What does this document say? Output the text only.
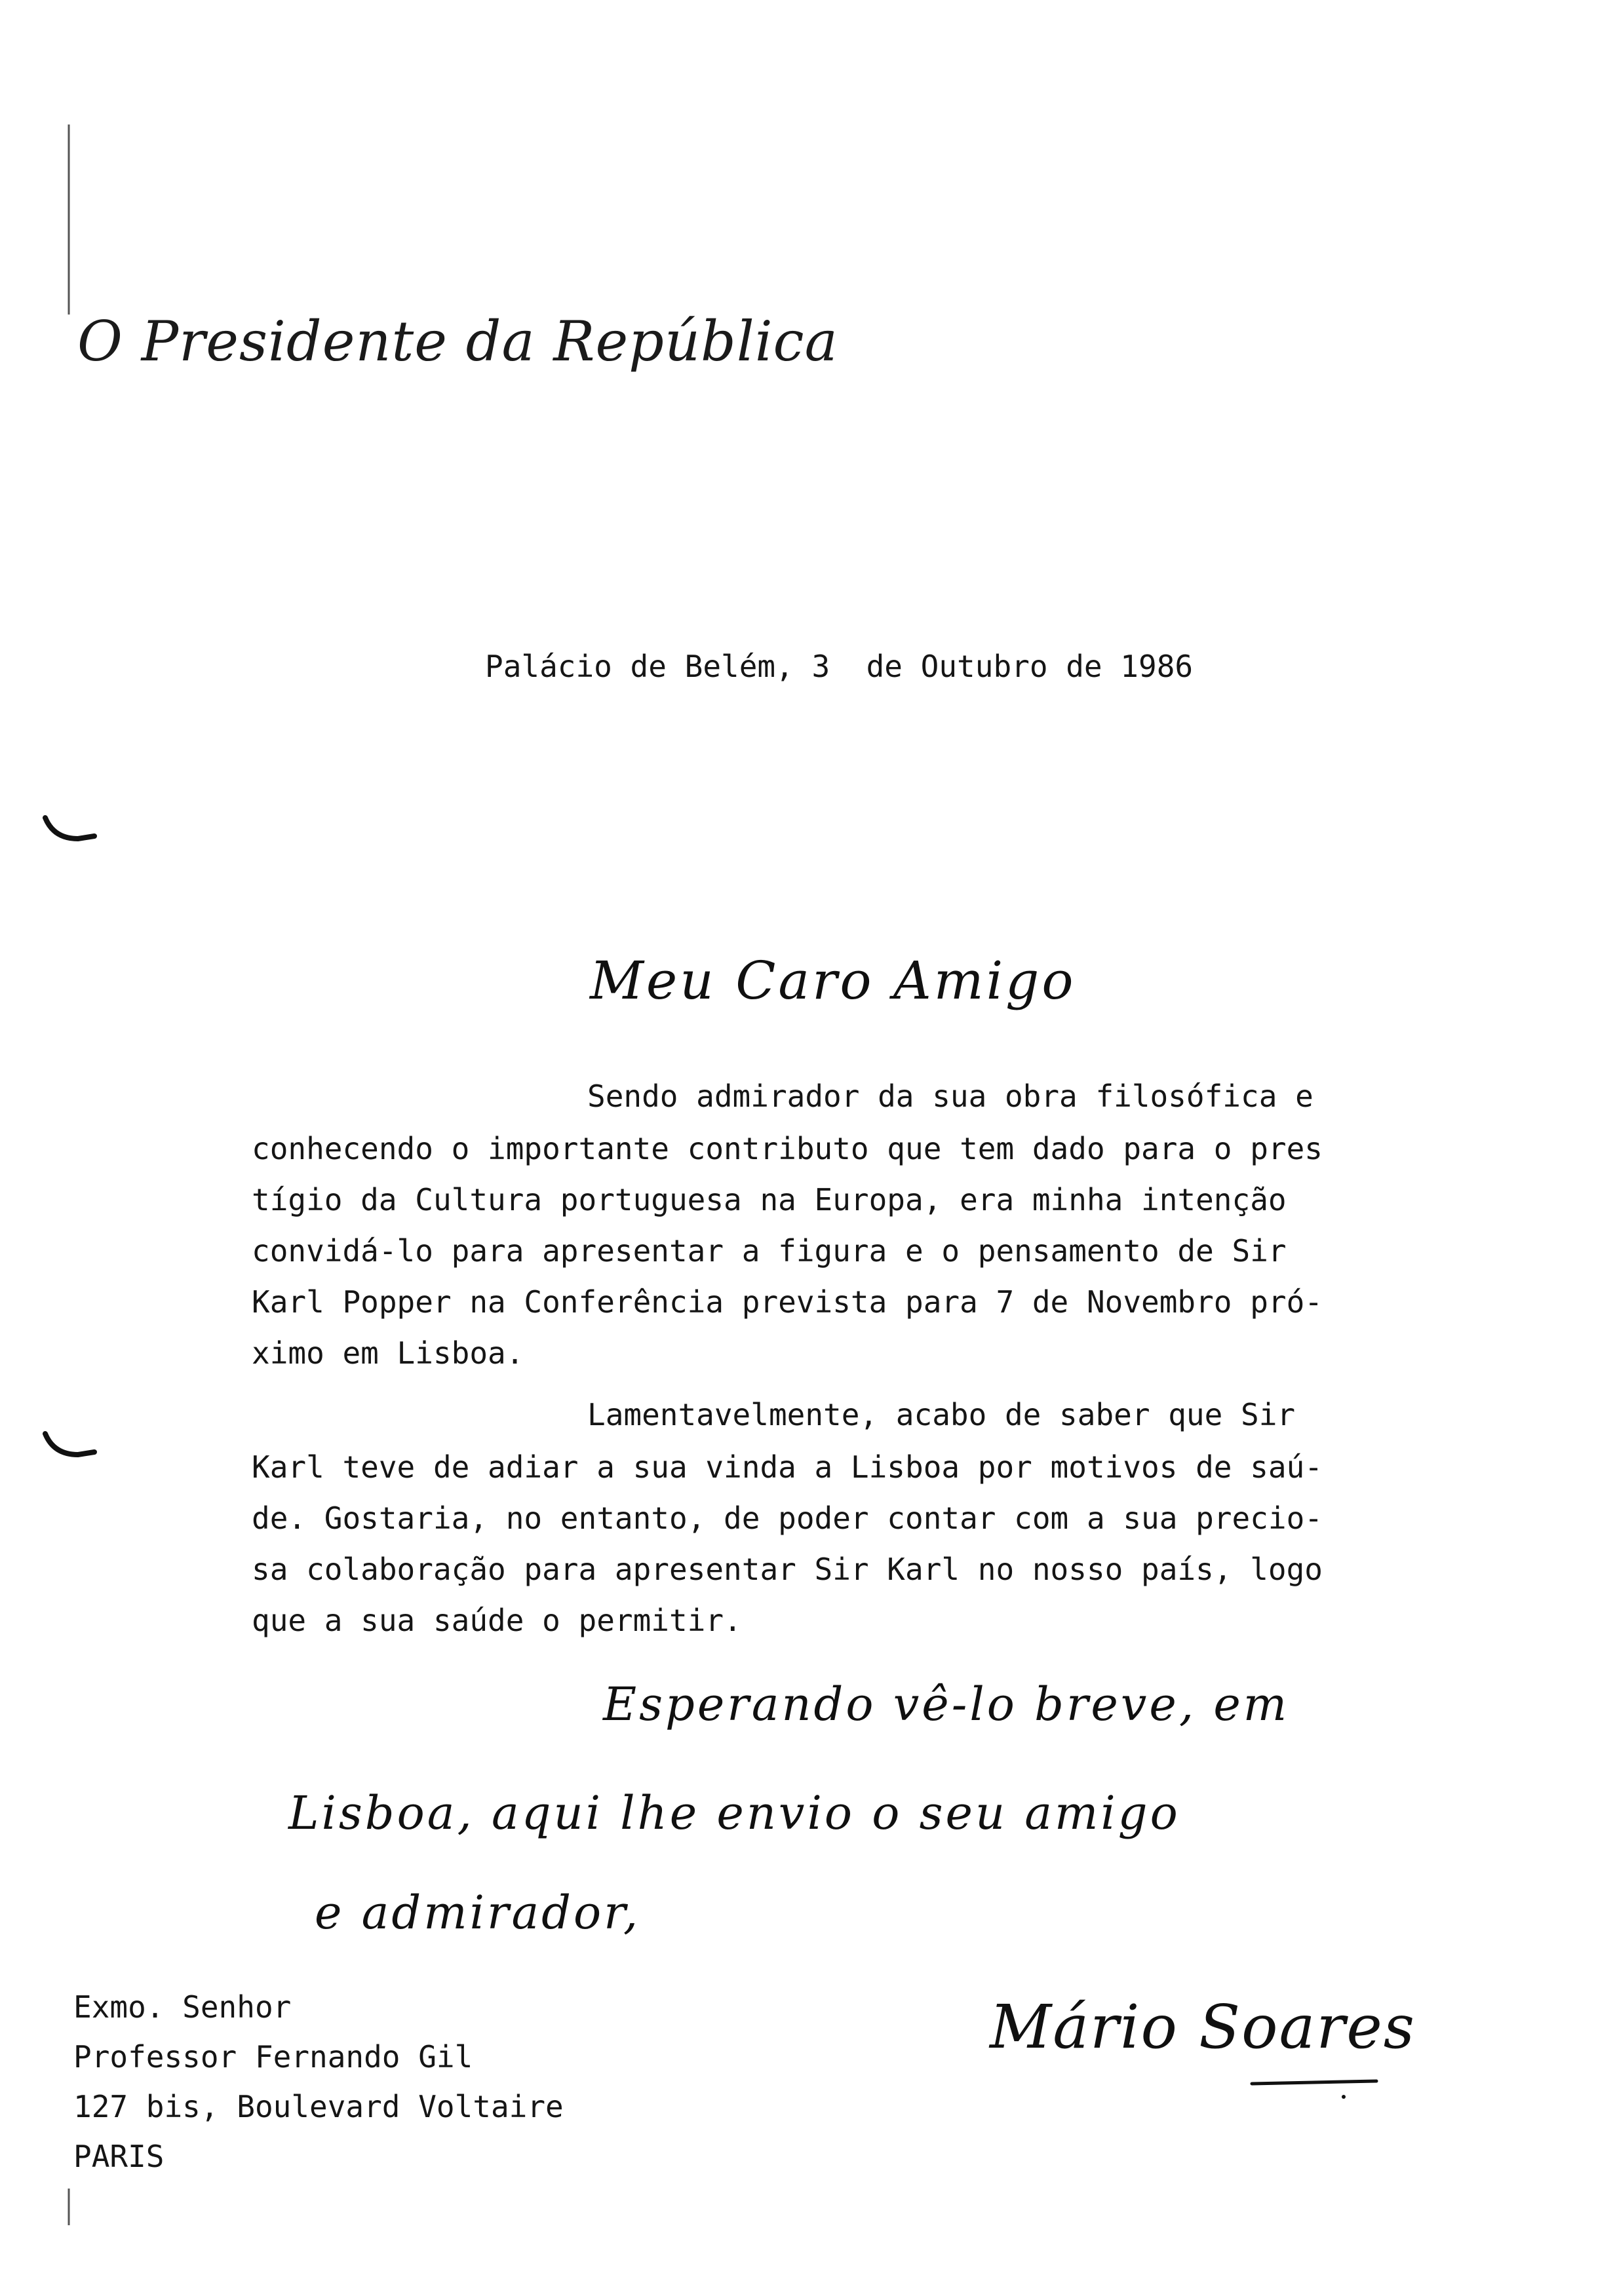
O Presidente da República
Palácio de Belém, 3  de Outubro de 1986
Meu Caro Amigo
Sendo admirador da sua obra filosófica e
conhecendo o importante contributo que tem dado para o pres
tígio da Cultura portuguesa na Europa, era minha intenção
convidá-lo para apresentar a figura e o pensamento de Sir
Karl Popper na Conferência prevista para 7 de Novembro pró-
ximo em Lisboa.
Lamentavelmente, acabo de saber que Sir
Karl teve de adiar a sua vinda a Lisboa por motivos de saú-
de. Gostaria, no entanto, de poder contar com a sua precio-
sa colaboração para apresentar Sir Karl no nosso país, logo
que a sua saúde o permitir.
Esperando vê-lo breve, em
Lisboa, aqui lhe envio o seu amigo
e admirador,
Mário Soares
Exmo. Senhor
Professor Fernando Gil
127 bis, Boulevard Voltaire
PARIS
